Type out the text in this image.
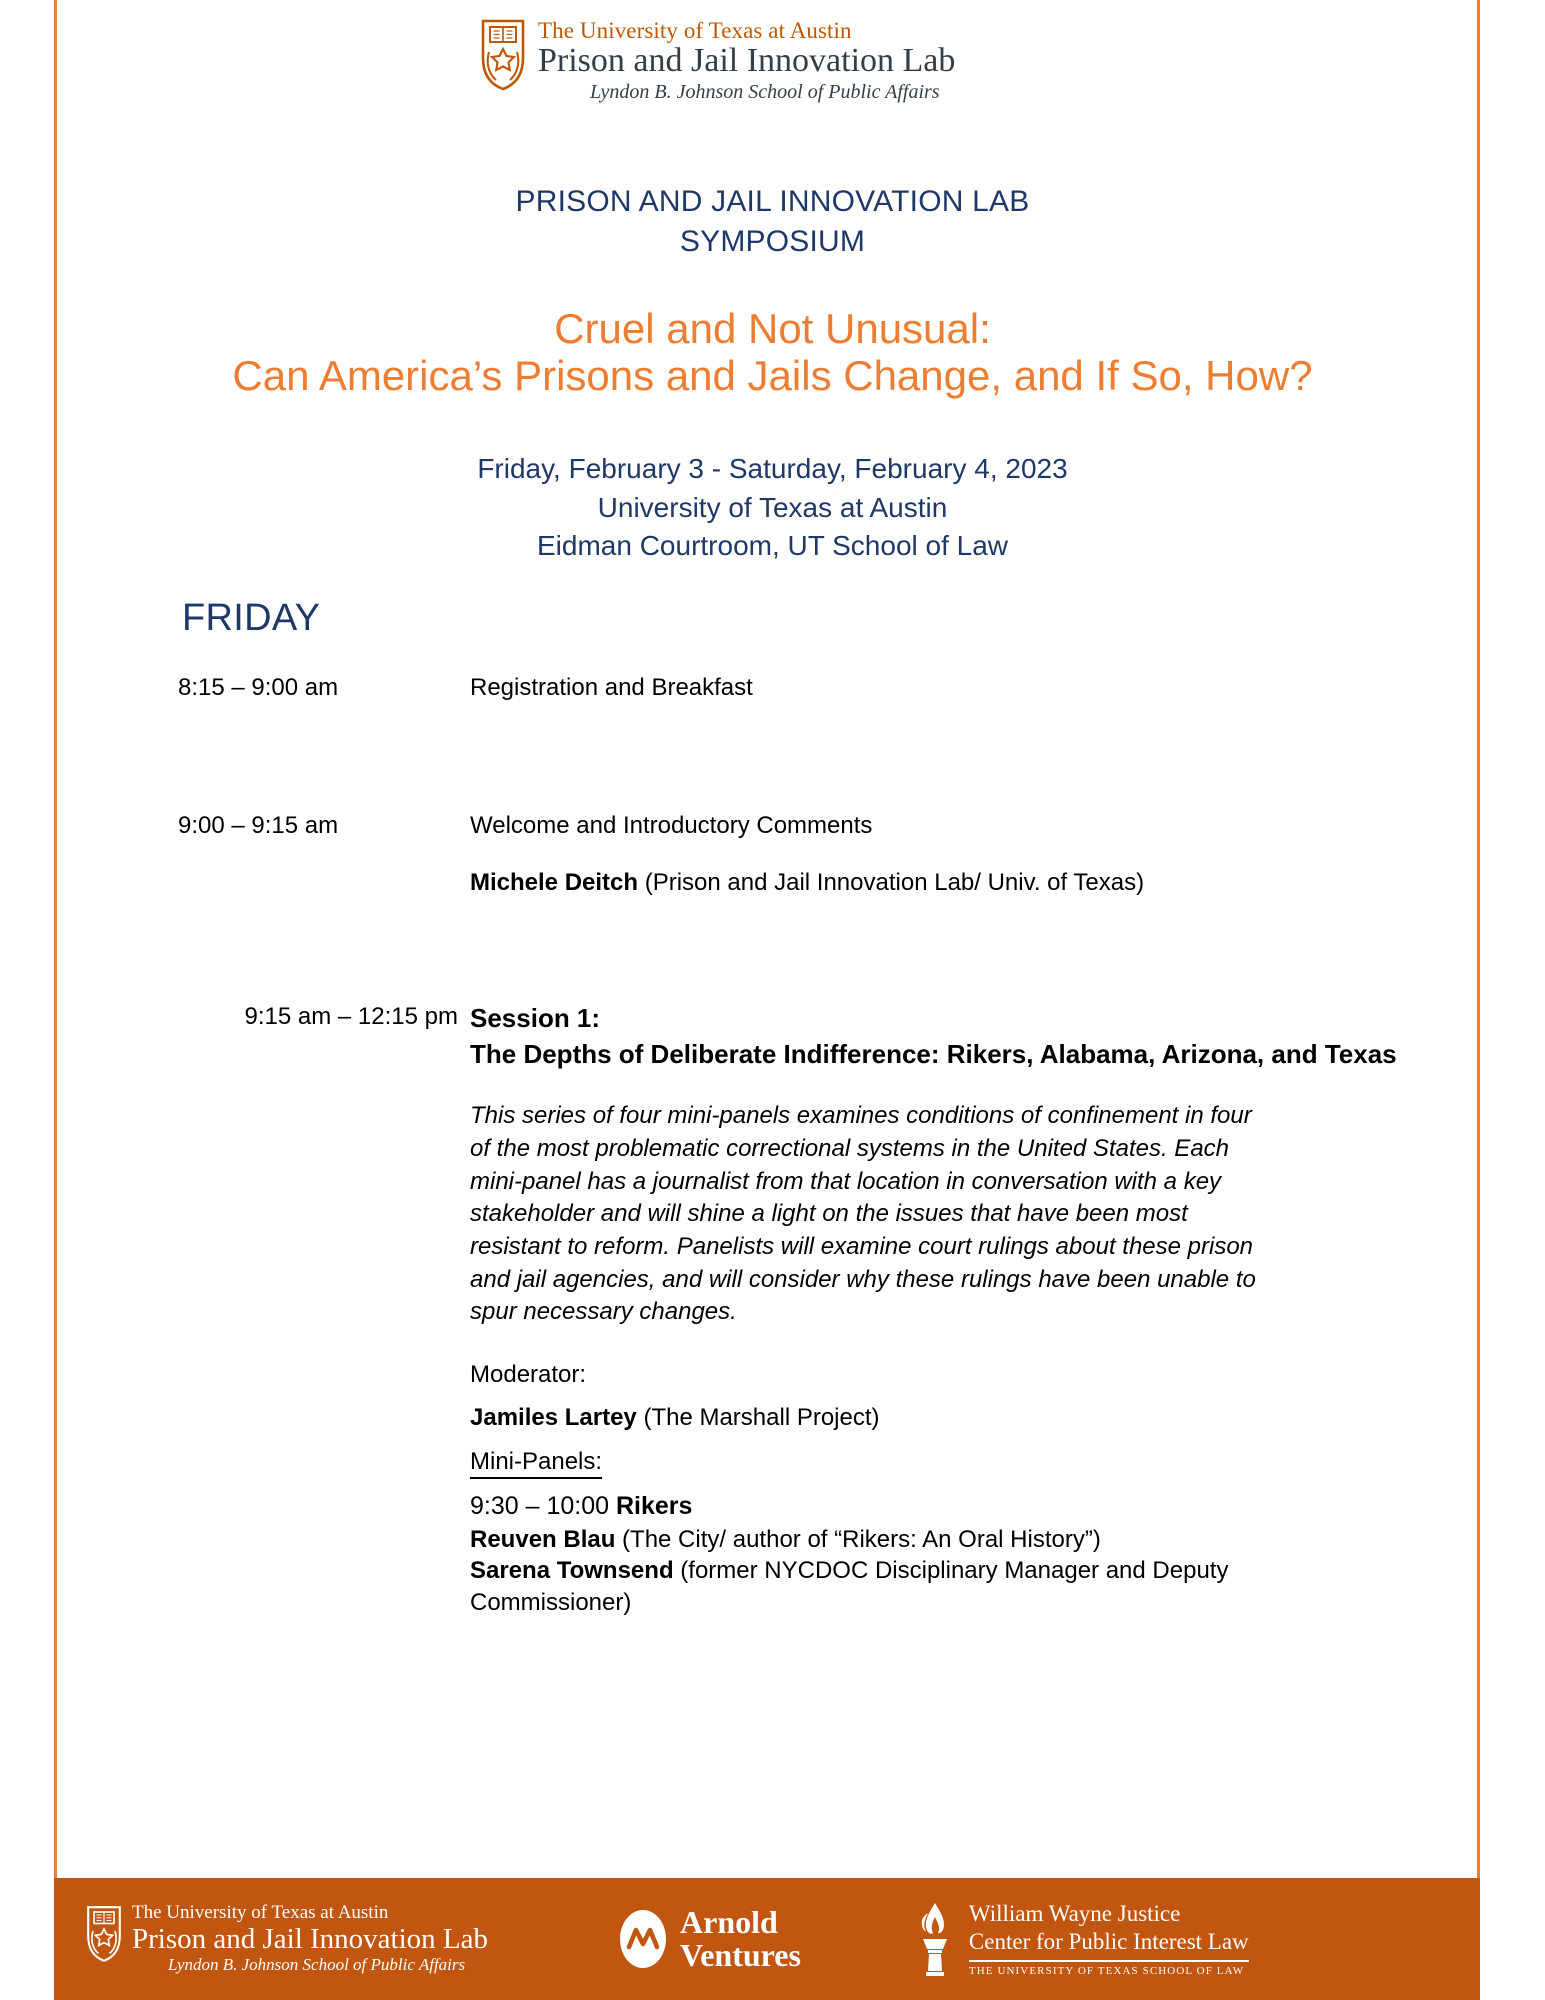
The University of Texas at Austin
Prison and Jail Innovation Lab
Lyndon B. Johnson School of Public Affairs
PRISON AND JAIL INNOVATION LAB
SYMPOSIUM
Cruel and Not Unusual:
Can America’s Prisons and Jails Change, and If So, How?
Friday, February 3 - Saturday, February 4, 2023
University of Texas at Austin
Eidman Courtroom, UT School of Law
FRIDAY
8:15 – 9:00 am	Registration and Breakfast
9:00 – 9:15 am	Welcome and Introductory Comments
Michele Deitch (Prison and Jail Innovation Lab/ Univ. of Texas)
9:15 am – 12:15 pm Session 1:
The Depths of Deliberate Indifference: Rikers, Alabama, Arizona, and Texas
This series of four mini-panels examines conditions of confinement in four of the most problematic correctional systems in the United States. Each mini-panel has a journalist from that location in conversation with a key stakeholder and will shine a light on the issues that have been most resistant to reform. Panelists will examine court rulings about these prison and jail agencies, and will consider why these rulings have been unable to spur necessary changes.
Moderator:
Jamiles Lartey (The Marshall Project)
Mini-Panels:
9:30 – 10:00 Rikers
Reuven Blau (The City/ author of “Rikers: An Oral History”)
Sarena Townsend (former NYCDOC Disciplinary Manager and Deputy Commissioner)
The University of Texas at Austin
Prison and Jail Innovation Lab
Lyndon B. Johnson School of Public Affairs
Arnold
Ventures
William Wayne Justice
Center for Public Interest Law
THE UNIVERSITY OF TEXAS SCHOOL OF LAW
